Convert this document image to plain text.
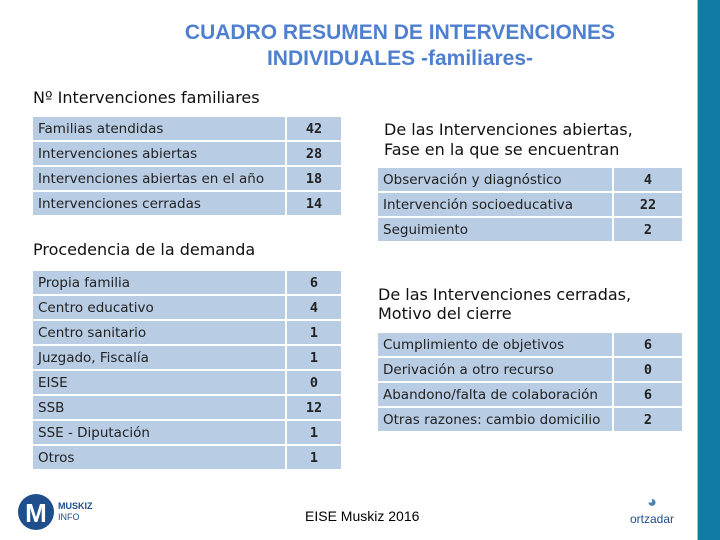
CUADRO RESUMEN DE INTERVENCIONES
INDIVIDUALES -familiares-
Nº Intervenciones familiares
Familias atendidas	42
Intervenciones abiertas	28
Intervenciones abiertas en el año	18
Intervenciones cerradas	14
Procedencia de la demanda
Propia familia	6
Centro educativo	4
Centro sanitario	1
Juzgado, Fiscalía	1
EISE	0
SSB	12
SSE - Diputación	1
Otros	1
De las Intervenciones abiertas,
Fase en la que se encuentran
Observación y diagnóstico	4
Intervención socioeducativa	22
Seguimiento	2
De las Intervenciones cerradas,
Motivo del cierre
Cumplimiento de objetivos	6
Derivación a otro recurso	0
Abandono/falta de colaboración	6
Otras razones: cambio domicilio	2
M	MUSKIZ
INFO	EISE Muskiz 2016
◕
ortzadar
